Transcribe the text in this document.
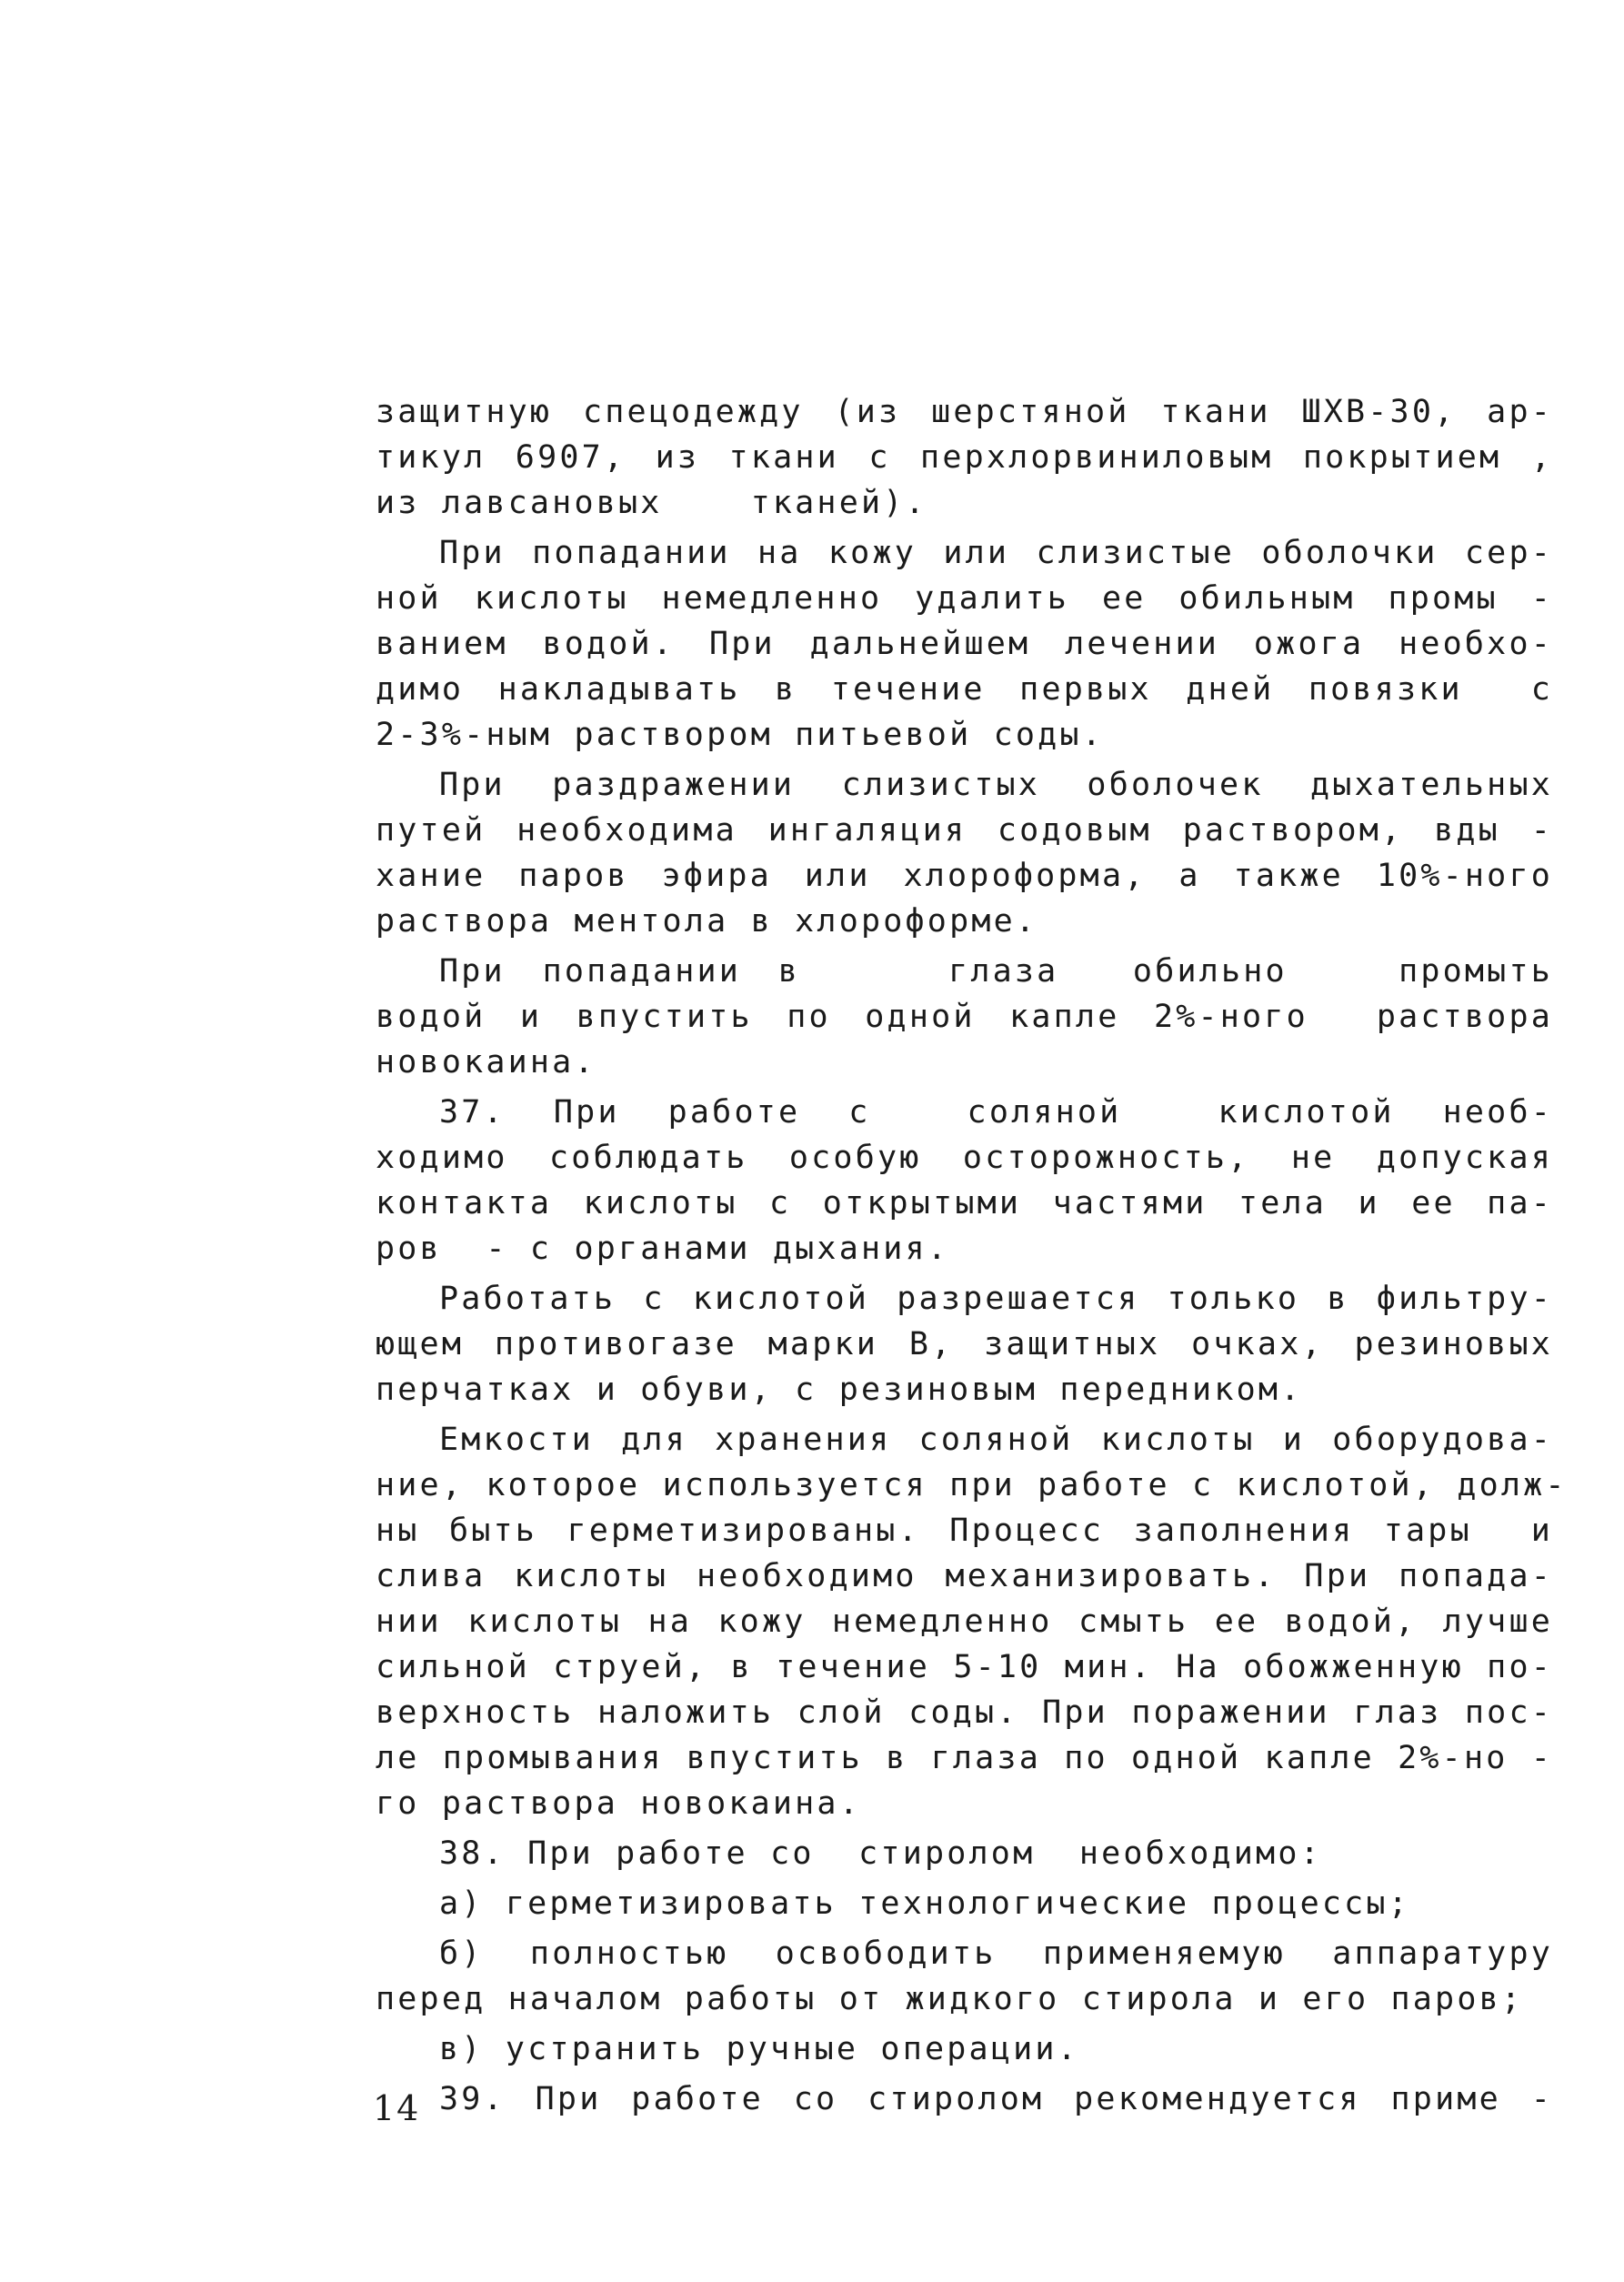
защитную спецодежду (из шерстяной ткани ШХВ-30, ар-
тикул 6907, из ткани с перхлорвиниловым покрытием ,
из лавсановых    тканей).
При попадании на кожу или слизистые оболочки сер-
ной кислоты немедленно удалить ее обильным промы -
ванием водой. При дальнейшем лечении ожога необхо-
димо накладывать в течение первых дней повязки  с
2-3%-ным раствором питьевой соды.
При раздражении слизистых оболочек дыхательных
путей необходима ингаляция содовым раствором, вды -
хание паров эфира или хлороформа, а также 10%-ного
раствора ментола в хлороформе.
При попадании в    глаза  обильно   промыть
водой и впустить по одной капле 2%-ного  раствора
новокаина.
37. При работе с  соляной  кислотой необ-
ходимо соблюдать особую осторожность, не допуская
контакта кислоты с открытыми частями тела и ее па-
ров  - с органами дыхания.
Работать с кислотой разрешается только в фильтру-
ющем противогазе марки В, защитных очках, резиновых
перчатках и обуви, с резиновым передником.
Емкости для хранения соляной кислоты и оборудова-
ние, которое используется при работе с кислотой, долж-
ны быть герметизированы. Процесс заполнения тары  и
слива кислоты необходимо механизировать. При попада-
нии кислоты на кожу немедленно смыть ее водой, лучше
сильной струей, в течение 5-10 мин. На обожженную по-
верхность наложить слой соды. При поражении глаз пос-
ле промывания впустить в глаза по одной капле 2%-но -
го раствора новокаина.
38. При работе со  стиролом  необходимо:
а) герметизировать технологические процессы;
б) полностью освободить применяемую аппаратуру
перед началом работы от жидкого стирола и его паров;
в) устранить ручные операции.
39. При работе со стиролом рекомендуется приме -
14
